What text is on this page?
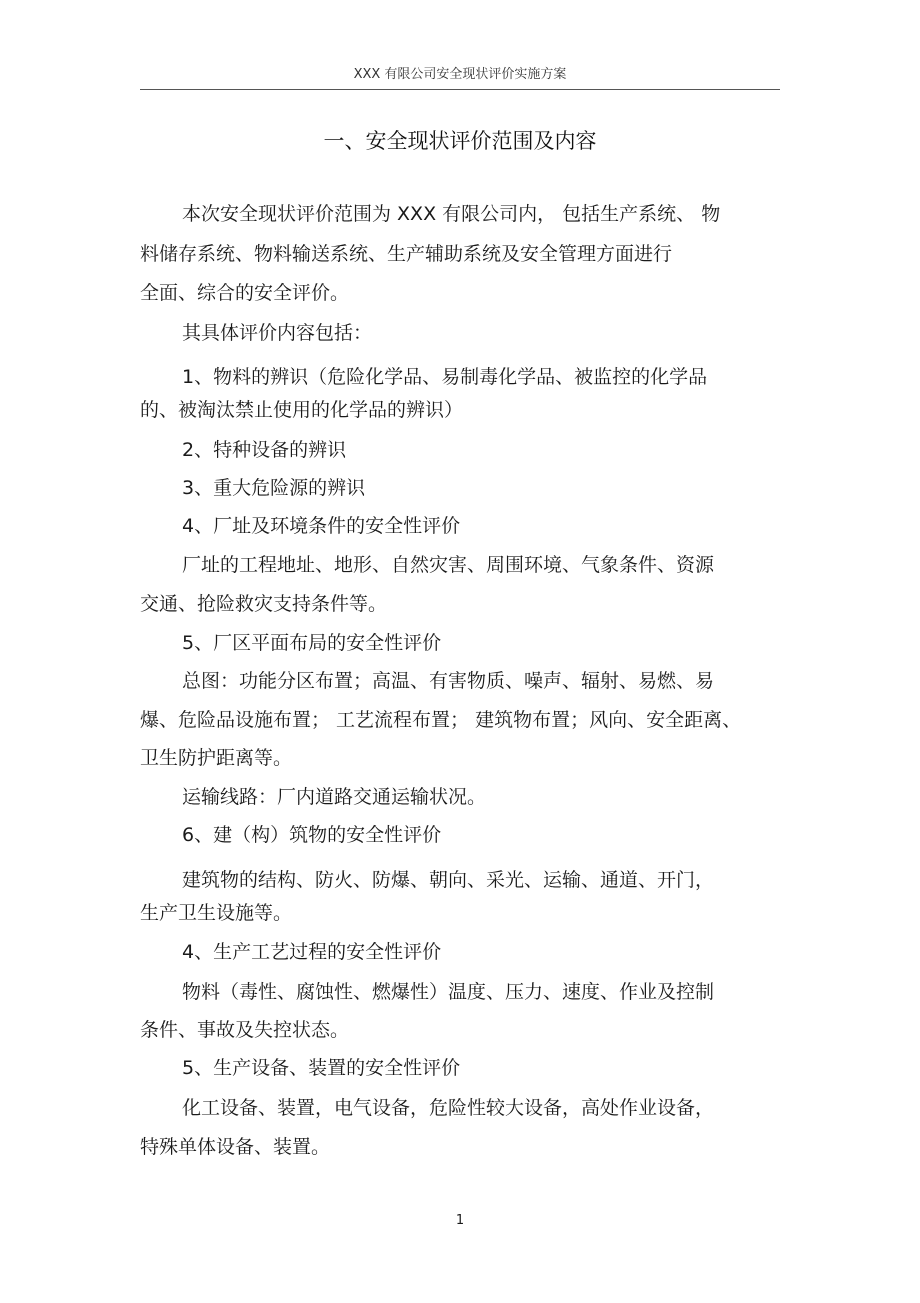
XXX 有限公司安全现状评价实施方案
一、安全现状评价范围及内容
本次安全现状评价范围为 XXX 有限公司内， 包括生产系统、 物
料储存系统、物料输送系统、生产辅助系统及安全管理方面进行
全面、综合的安全评价。
其具体评价内容包括：
1、物料的辨识（危险化学品、易制毒化学品、被监控的化学品
的、被淘汰禁止使用的化学品的辨识）
2、特种设备的辨识
3、重大危险源的辨识
4、厂址及环境条件的安全性评价
厂址的工程地址、地形、自然灾害、周围环境、气象条件、资源
交通、抢险救灾支持条件等。
5、厂区平面布局的安全性评价
总图：功能分区布置；高温、有害物质、噪声、辐射、易燃、易
爆、危险品设施布置； 工艺流程布置； 建筑物布置；风向、安全距离、
卫生防护距离等。
运输线路：厂内道路交通运输状况。
6、建（构）筑物的安全性评价
建筑物的结构、防火、防爆、朝向、采光、运输、通道、开门，
生产卫生设施等。
4、生产工艺过程的安全性评价
物料（毒性、腐蚀性、燃爆性）温度、压力、速度、作业及控制
条件、事故及失控状态。
5、生产设备、装置的安全性评价
化工设备、装置，电气设备，危险性较大设备，高处作业设备，
特殊单体设备、装置。
1
